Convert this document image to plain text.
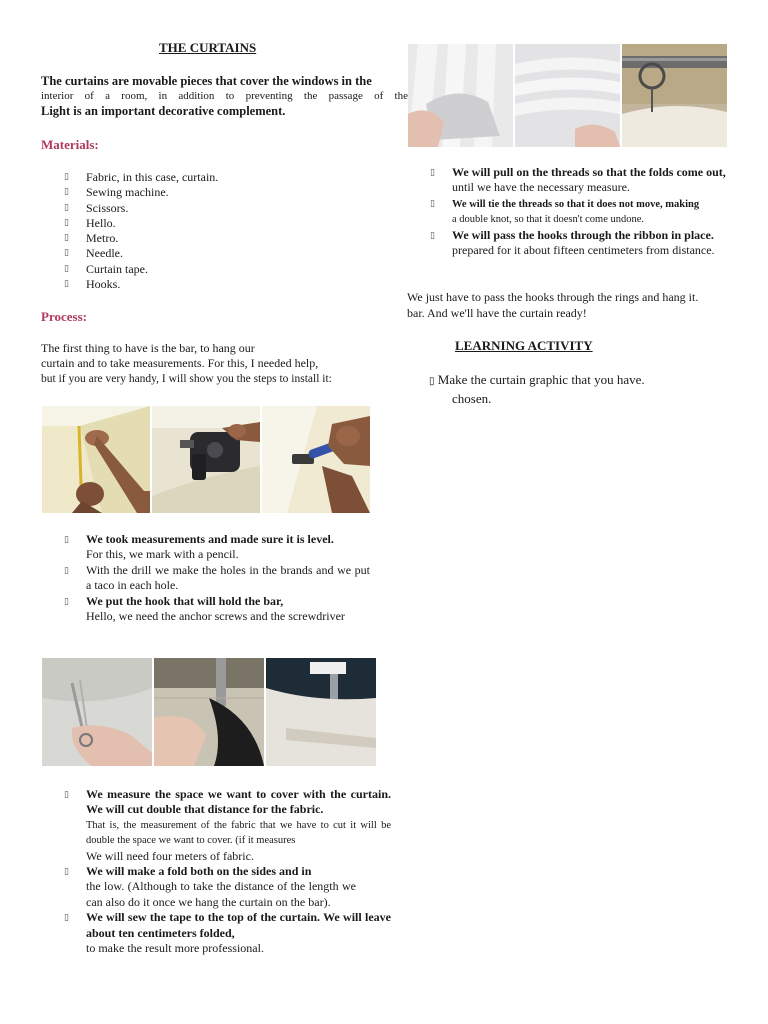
THE CURTAINS
The curtains are movable pieces that cover the windows in the
interior of a room, in addition to preventing the passage of the
Light is an important decorative complement.
Materials:
▯ Fabric, in this case, curtain.
▯ Sewing machine.
▯ Scissors.
▯ Hello.
▯ Metro.
▯ Needle.
▯ Curtain tape.
▯ Hooks.
Process:
The first thing to have is the bar, to hang our
curtain and to take measurements. For this, I needed help,
but if you are very handy, I will show you the steps to install it:
▯ We took measurements and made sure it is level.
For this, we mark with a pencil.
▯ With the drill we make the holes in the brands and we put a taco in each hole.
▯ We put the hook that will hold the bar,
Hello, we need the anchor screws and the screwdriver
▯ We measure the space we want to cover with the curtain. We will cut double that distance for the fabric.
That is, the measurement of the fabric that we have to cut it will be double the space we want to cover. (if it measures
We will need four meters of fabric.
▯ We will make a fold both on the sides and in
the low. (Although to take the distance of the length we can also do it once we hang the curtain on the bar).
▯ We will sew the tape to the top of the curtain. We will leave about ten centimeters folded,
to make the result more professional.
▯ We will pull on the threads so that the folds come out,
until we have the necessary measure.
▯ We will tie the threads so that it does not move, making
a double knot, so that it doesn't come undone.
▯ We will pass the hooks through the ribbon in place.
prepared for it about fifteen centimeters from distance.
We just have to pass the hooks through the rings and hang it.
bar. And we'll have the curtain ready!
LEARNING ACTIVITY
▯ Make the curtain graphic that you have.
chosen.
